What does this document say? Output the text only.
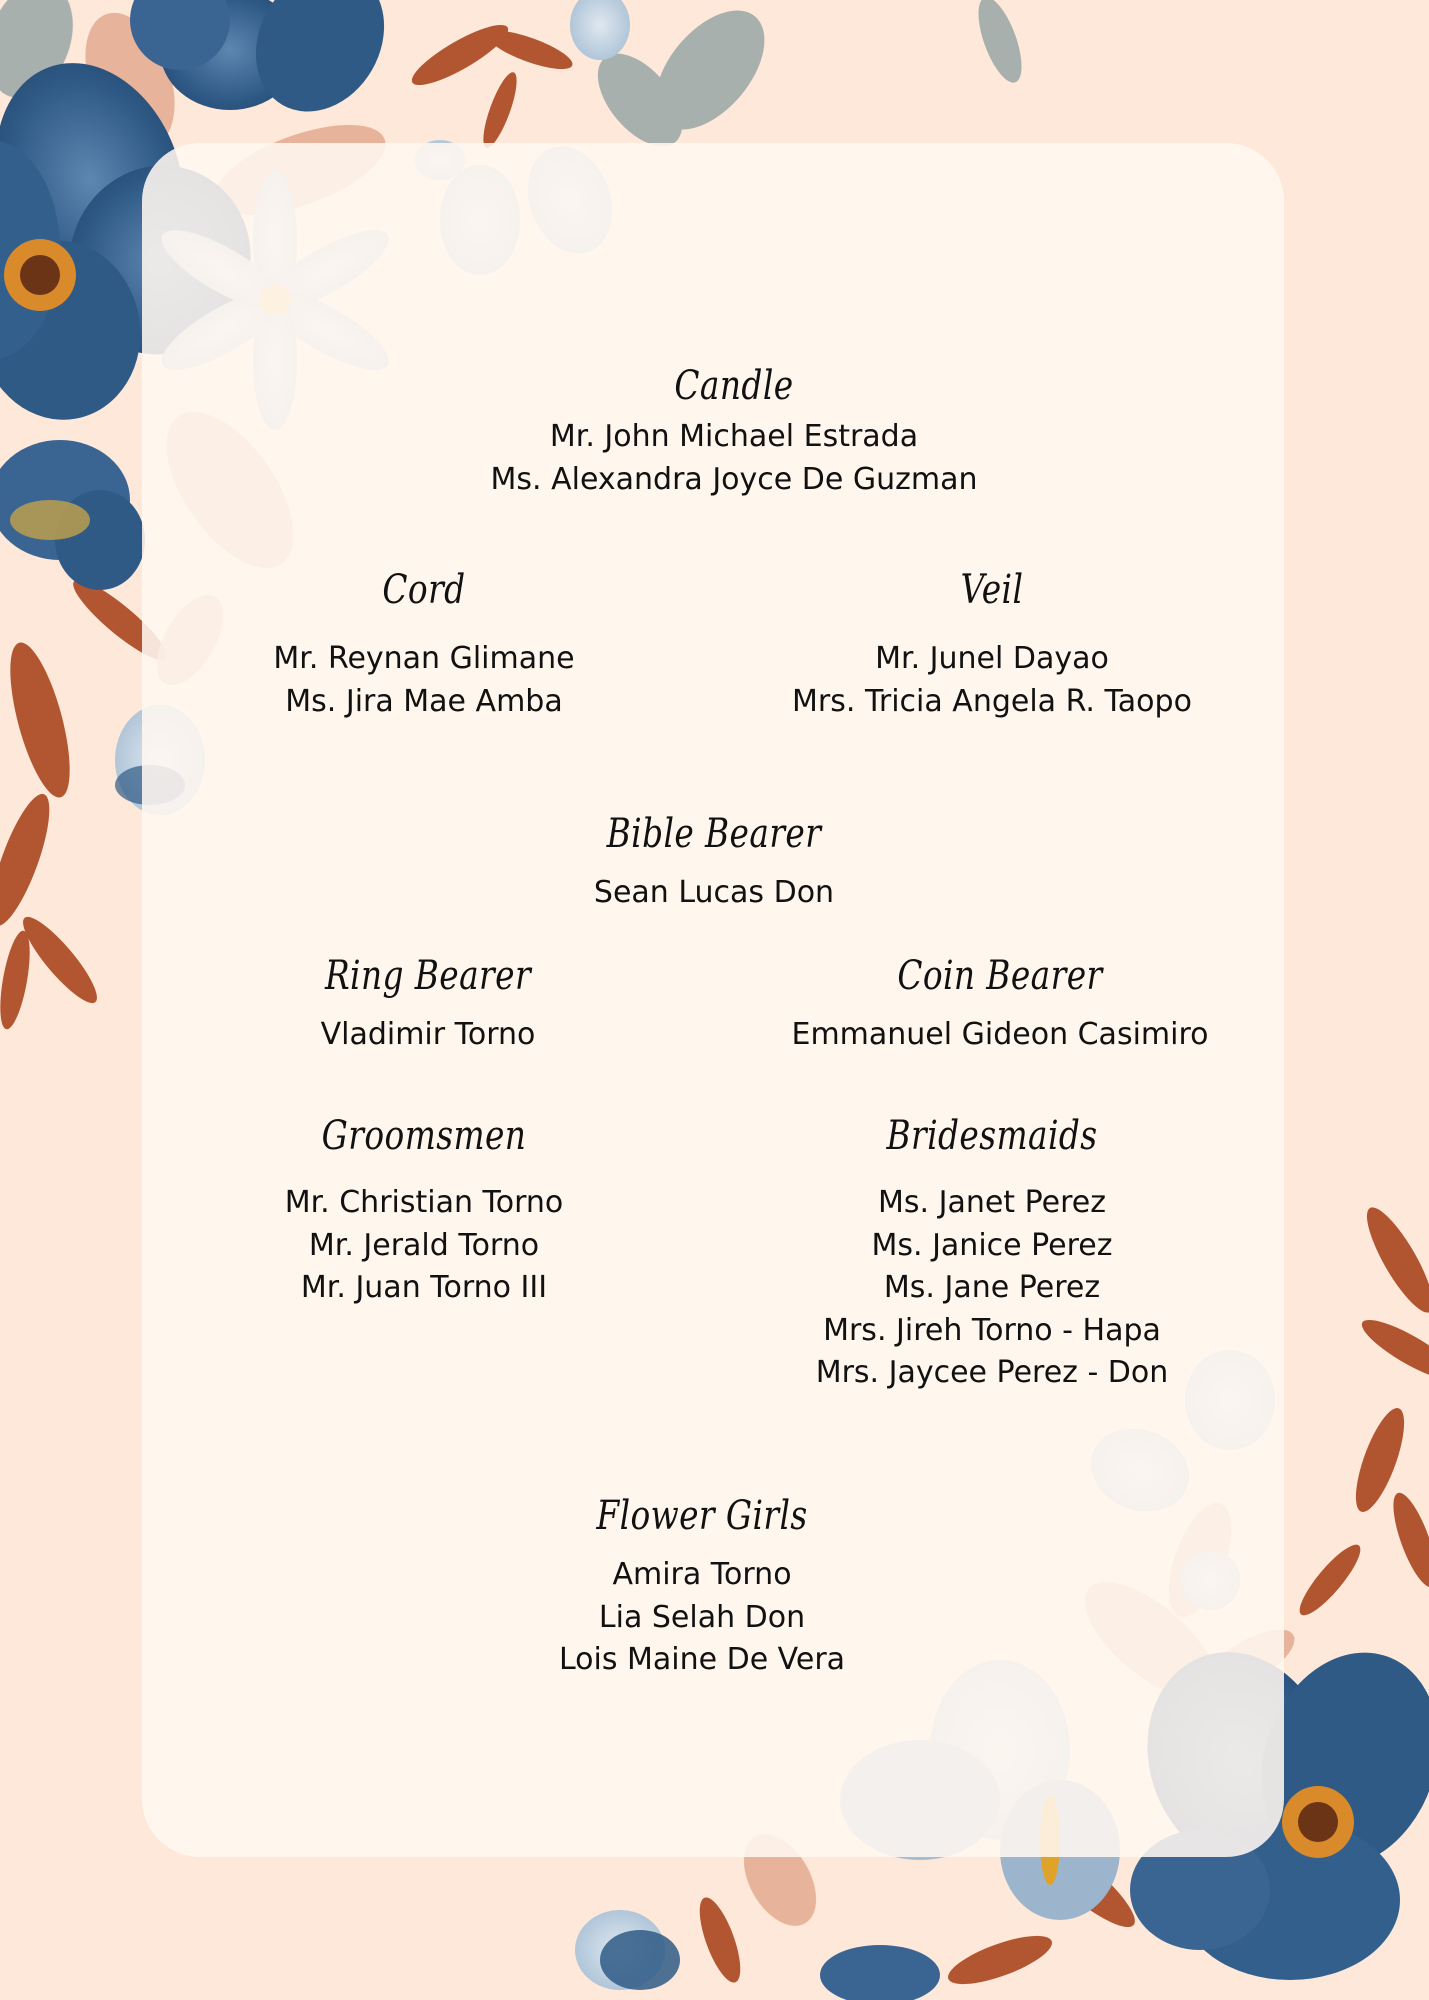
Candle
Mr. John Michael Estrada
Ms. Alexandra Joyce De Guzman
Cord
Mr. Reynan Glimane
Ms. Jira Mae Amba
Veil
Mr. Junel Dayao
Mrs. Tricia Angela R. Taopo
Bible Bearer
Sean Lucas Don
Ring Bearer
Vladimir Torno
Coin Bearer
Emmanuel Gideon Casimiro
Groomsmen
Mr. Christian Torno
Mr. Jerald Torno
Mr. Juan Torno III
Bridesmaids
Ms. Janet Perez
Ms. Janice Perez
Ms. Jane Perez
Mrs. Jireh Torno - Hapa
Mrs. Jaycee Perez - Don
Flower Girls
Amira Torno
Lia Selah Don
Lois Maine De Vera
